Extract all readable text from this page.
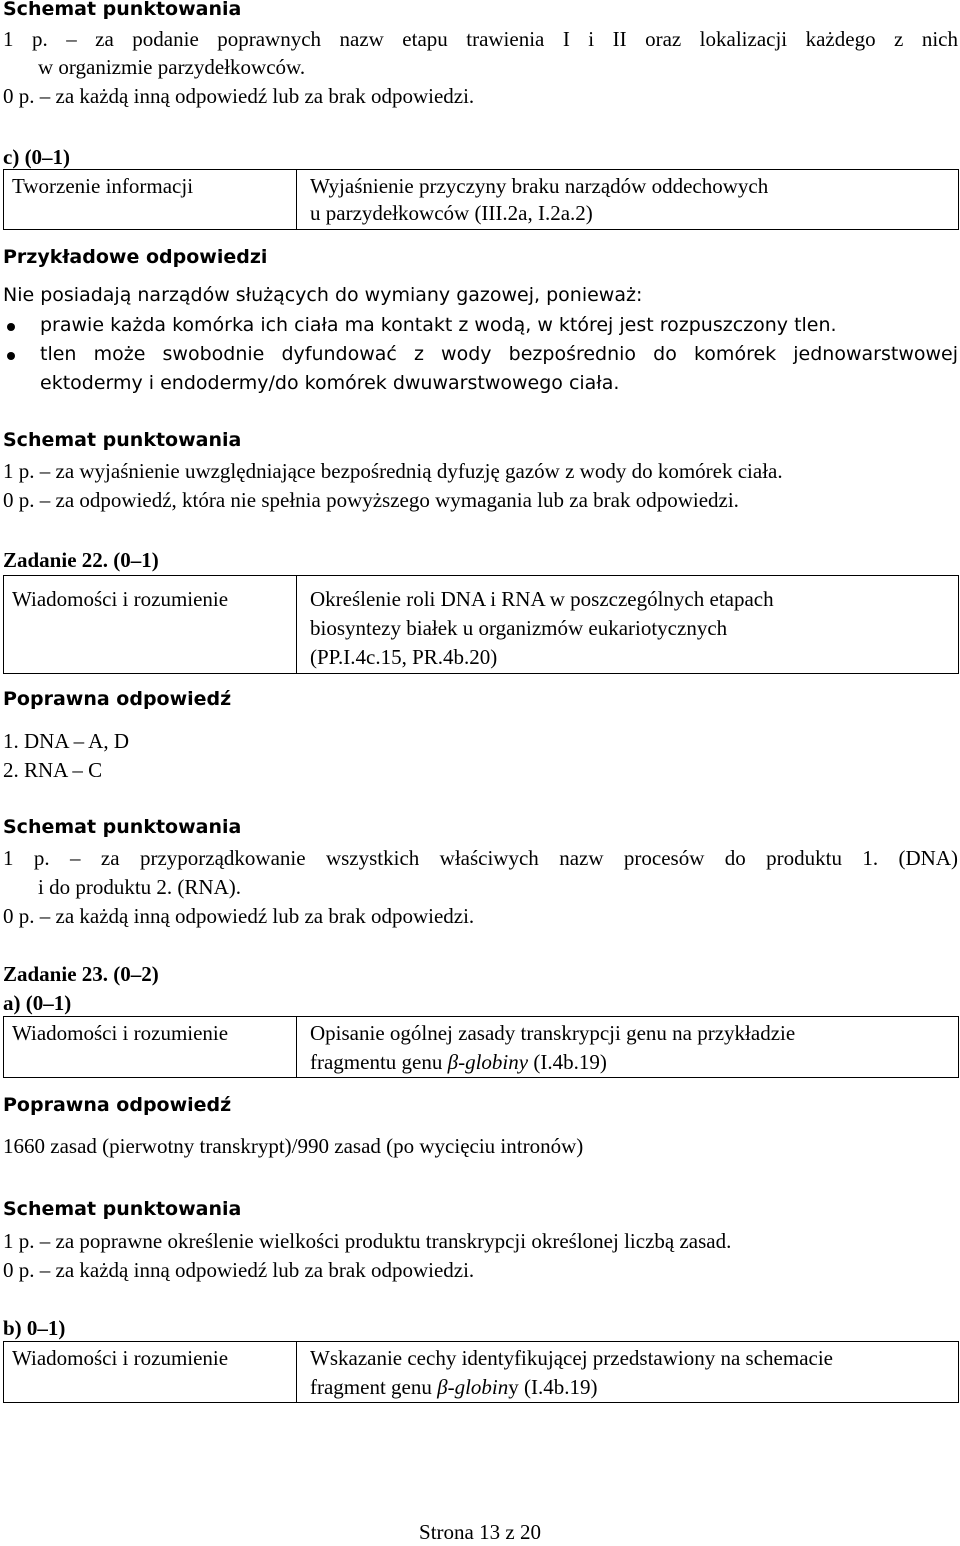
Schemat punktowania
1 p. – za podanie poprawnych nazw etapu trawienia I i II oraz lokalizacji każdego z nich
w organizmie parzydełkowców.
0 p. – za każdą inną odpowiedź lub za brak odpowiedzi.
c) (0–1)
Tworzenie informacji	Wyjaśnienie przyczyny braku narządów oddechowych
u parzydełkowców (III.2a, I.2a.2)
Przykładowe odpowiedzi
Nie posiadają narządów służących do wymiany gazowej, ponieważ:
prawie każda komórka ich ciała ma kontakt z wodą, w której jest rozpuszczony tlen.
tlen może swobodnie dyfundować z wody bezpośrednio do komórek jednowarstwowej
ektodermy i endodermy/do komórek dwuwarstwowego ciała.
Schemat punktowania
1 p. – za wyjaśnienie uwzględniające bezpośrednią dyfuzję gazów z wody do komórek ciała.
0 p. – za odpowiedź, która nie spełnia powyższego wymagania lub za brak odpowiedzi.
Zadanie 22. (0–1)
Wiadomości i rozumienie	Określenie roli DNA i RNA w poszczególnych etapach
biosyntezy białek u organizmów eukariotycznych
(PP.I.4c.15, PR.4b.20)
Poprawna odpowiedź
1. DNA – A, D
2. RNA – C
Schemat punktowania
1 p. – za przyporządkowanie wszystkich właściwych nazw procesów do produktu 1. (DNA)
i do produktu 2. (RNA).
0 p. – za każdą inną odpowiedź lub za brak odpowiedzi.
Zadanie 23. (0–2)
a) (0–1)
Wiadomości i rozumienie	Opisanie ogólnej zasady transkrypcji genu na przykładzie
fragmentu genu β-globiny (I.4b.19)
Poprawna odpowiedź
1660 zasad (pierwotny transkrypt)/990 zasad (po wycięciu intronów)
Schemat punktowania
1 p. – za poprawne określenie wielkości produktu transkrypcji określonej liczbą zasad.
0 p. – za każdą inną odpowiedź lub za brak odpowiedzi.
b) 0–1)
Wiadomości i rozumienie	Wskazanie cechy identyfikującej przedstawiony na schemacie
fragment genu β-globiny (I.4b.19)
Strona 13 z 20
